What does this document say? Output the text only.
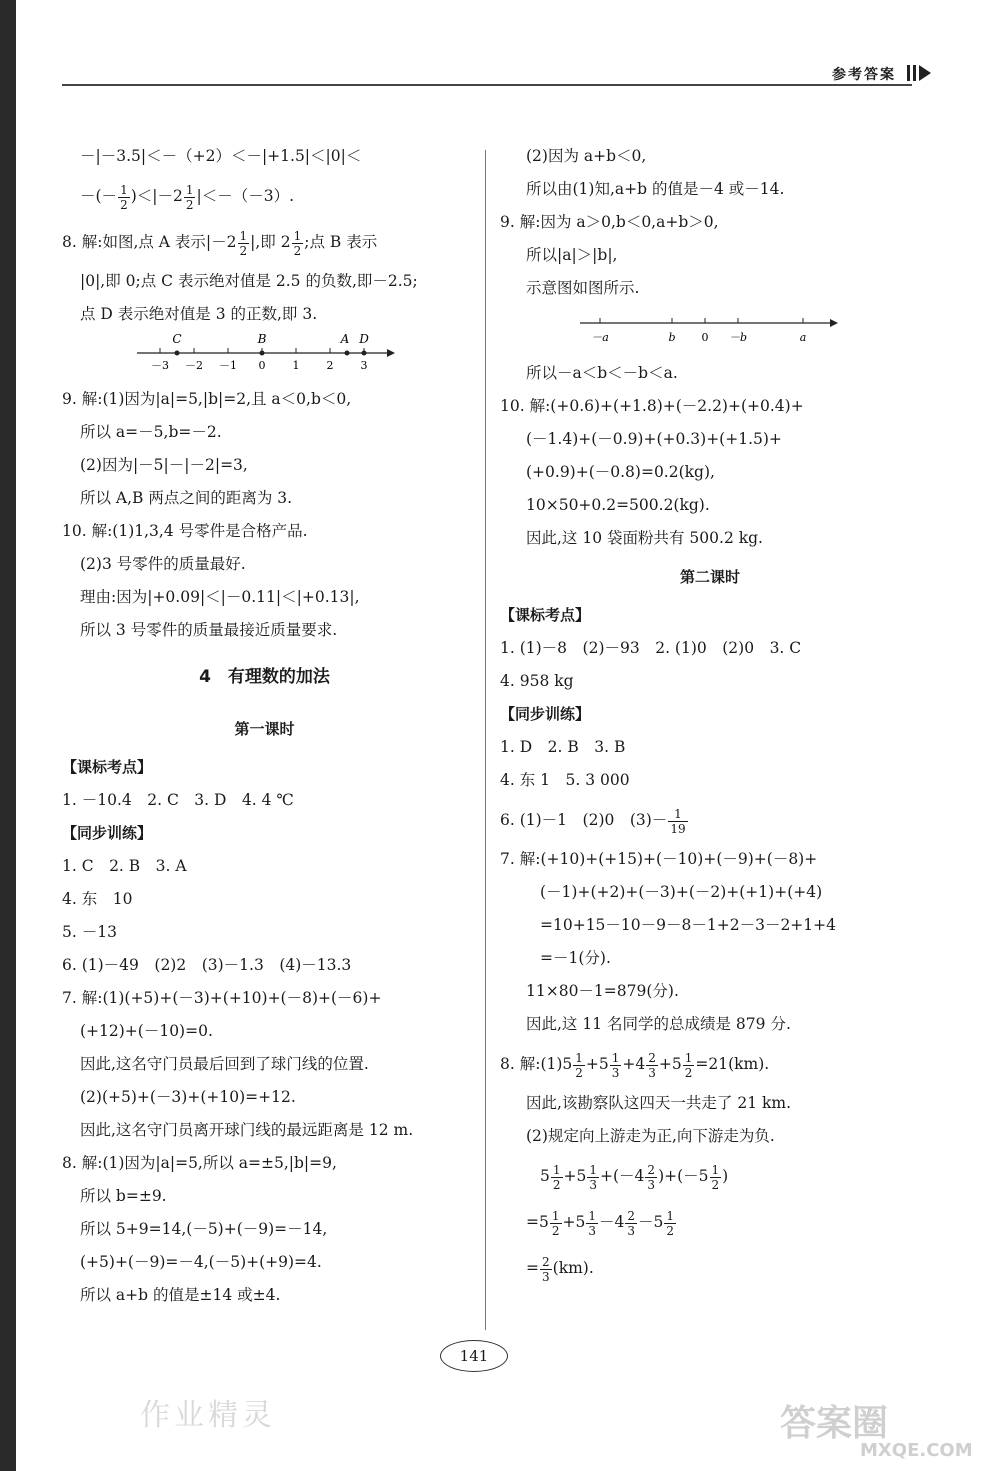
参考答案
－|－3.5|＜－（+2）＜－|+1.5|＜|0|＜
－(－ $\frac{1}{2} )<|-2 \frac{1}{2} |<-(-3)$.
8. 解:如图,点 A 表示$|-2 \frac{1}{2}$ |,即 $2 \frac{1}{2}$ ;点 B 表示
|0|,即 0;点 C 表示绝对值是 2.5 的负数,即－2.5;
点 D 表示绝对值是 3 的正数,即 3.
C	B	A D
－3 －2 －1 0 1 2 3
9. 解:(1)因为|a|=5,|b|=2,且 a＜0,b＜0,
所以 a=－5,b=－2.
(2)因为|－5|－|－2|=3,
所以 A,B 两点之间的距离为 3.
10. 解:(1)1,3,4 号零件是合格产品.
(2)3 号零件的质量最好.
理由:因为|+0.09|＜|－0.11|＜|+0.13|,
所以 3 号零件的质量最接近质量要求.
4　有理数的加法
第一课时
【课标考点】
1. －10.4　2. C　3. D　4. 4 ℃
【同步训练】
1. C　2. B　3. A
4. 东　10
5. －13
6. (1)－49　(2)2　(3)－1.3　(4)－13.3
7. 解:(1)(+5)+(－3)+(+10)+(－8)+(－6)+
(+12)+(－10)=0.
因此,这名守门员最后回到了球门线的位置.
(2)(+5)+(－3)+(+10)=+12.
因此,这名守门员离开球门线的最远距离是 12 m.
8. 解:(1)因为|a|=5,所以 a=±5,|b|=9,
所以 b=±9.
所以 5+9=14,(－5)+(－9)=－14,
(+5)+(－9)=－4,(－5)+(+9)=4.
所以 a+b 的值是±14 或±4.
(2)因为 a+b＜0,
所以由(1)知,a+b 的值是－4 或－14.
9. 解:因为 a＞0,b＜0,a+b＞0,
所以|a|＞|b|,
示意图如图所示.
－a	b 0 －b	a
所以－a＜b＜－b＜a.
10. 解:(+0.6)+(+1.8)+(－2.2)+(+0.4)+
(－1.4)+(－0.9)+(+0.3)+(+1.5)+
(+0.9)+(－0.8)=0.2(kg),
10×50+0.2=500.2(kg).
因此,这 10 袋面粉共有 500.2 kg.
第二课时
【课标考点】
1. (1)－8　(2)－93　2. (1)0　(2)0　3. C
4. 958 kg
【同步训练】
1. D　2. B　3. B
4. 东 1　5. 3 000
6. (1)－1　(2)0　$(3)- \frac{1}{19}$
7. 解:(+10)+(+15)+(－10)+(－9)+(－8)+
(－1)+(+2)+(－3)+(－2)+(+1)+(+4)
=10+15－10－9－8－1+2－3－2+1+4
=－1(分).
11×80－1=879(分).
因此,这 11 名同学的总成绩是 879 分.
8. 解:(1)5 $\frac{1}{2} +5 \frac{1}{3} +4 \frac{2}{3} +5 \frac{1}{2} =21(km)$.
因此,该勘察队这四天一共走了 21 km.
(2)规定向上游走为正,向下游走为负.
$5 \frac{1}{2} +5 \frac{1}{3} +(-4 \frac{2}{3} )+(-5 \frac{1}{2}$ )
$=5 \frac{1}{2} +5 \frac{1}{3} -4 \frac{2}{3} -5 \frac{1}{2}$
= $\frac{2}{3} (km)$.
141
作业精灵	答案圈
MXQE.COM
